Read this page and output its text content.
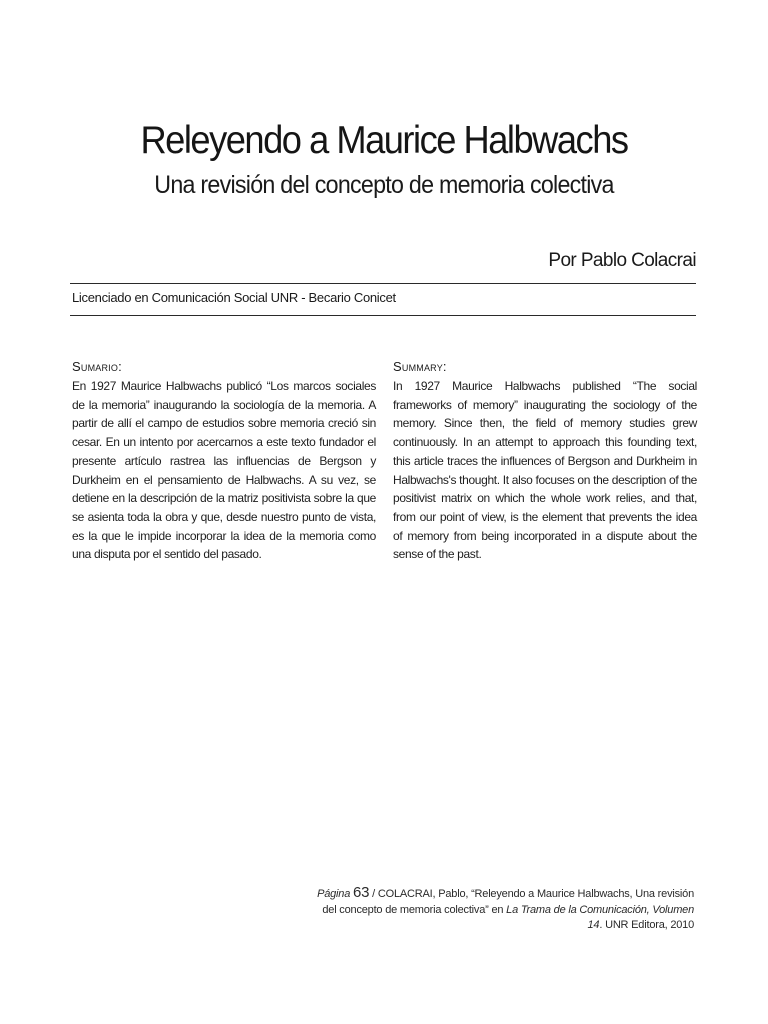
Releyendo a Maurice Halbwachs
Una revisión del concepto de memoria colectiva
Por Pablo Colacrai
Licenciado en Comunicación Social UNR - Becario Conicet
Sumario:

En 1927 Maurice Halbwachs publicó “Los marcos sociales de la memoria” inaugurando la sociología de la memoria. A partir de allí el campo de estudios sobre memoria creció sin cesar. En un intento por acercarnos a este texto fundador el presente artículo rastrea las influencias de Bergson y Durkheim en el pensamiento de Halbwachs. A su vez, se detiene en la descripción de la matriz positivista sobre la que se asienta toda la obra y que, desde nuestro punto de vista, es la que le impide incorporar la idea de la memoria como una disputa por el sentido del pasado.

Summary:

In 1927 Maurice Halbwachs published “The social frameworks of memory” inaugurating the sociology of the memory. Since then, the field of memory studies grew continuously. In an attempt to approach this founding text, this article traces the influences of Bergson and Durkheim in Halbwachs's thought. It also focuses on the description of the positivist matrix on which the whole work relies, and that, from our point of view, is the element that prevents the idea of memory from being incorporated in a dispute about the sense of the past.

Página 63 / COLACRAI, Pablo, “Releyendo a Maurice Halbwachs, Una revisión del concepto de memoria colectiva” en La Trama de la Comunicación, Volumen 14. UNR Editora, 2010
